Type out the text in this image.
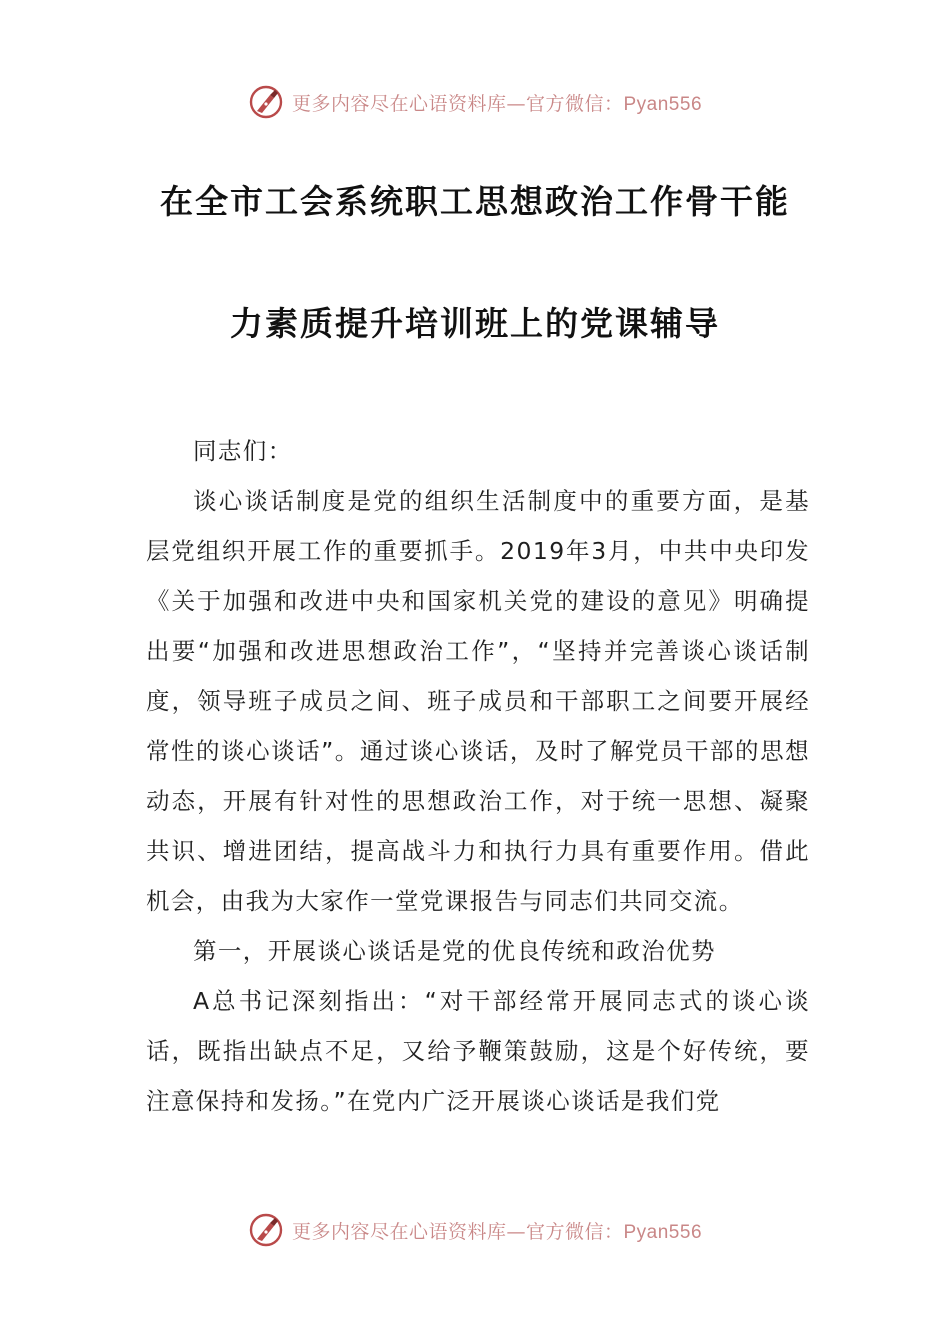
更多内容尽在心语资料库—官方微信：Pyan556
在全市工会系统职工思想政治工作骨干能
力素质提升培训班上的党课辅导

同志们：

谈心谈话制度是党的组织生活制度中的重要方面，是基层党组织开展工作的重要抓手。2019年3月，中共中央印发《关于加强和改进中央和国家机关党的建设的意见》明确提出要“加强和改进思想政治工作”，“坚持并完善谈心谈话制度，领导班子成员之间、班子成员和干部职工之间要开展经常性的谈心谈话”。通过谈心谈话，及时了解党员干部的思想动态，开展有针对性的思想政治工作，对于统一思想、凝聚共识、增进团结，提高战斗力和执行力具有重要作用。借此机会，由我为大家作一堂党课报告与同志们共同交流。

第一，开展谈心谈话是党的优良传统和政治优势

A总书记深刻指出：“对干部经常开展同志式的谈心谈话，既指出缺点不足，又给予鞭策鼓励，这是个好传统，要注意保持和发扬。”在党内广泛开展谈心谈话是我们党

更多内容尽在心语资料库—官方微信：Pyan556
